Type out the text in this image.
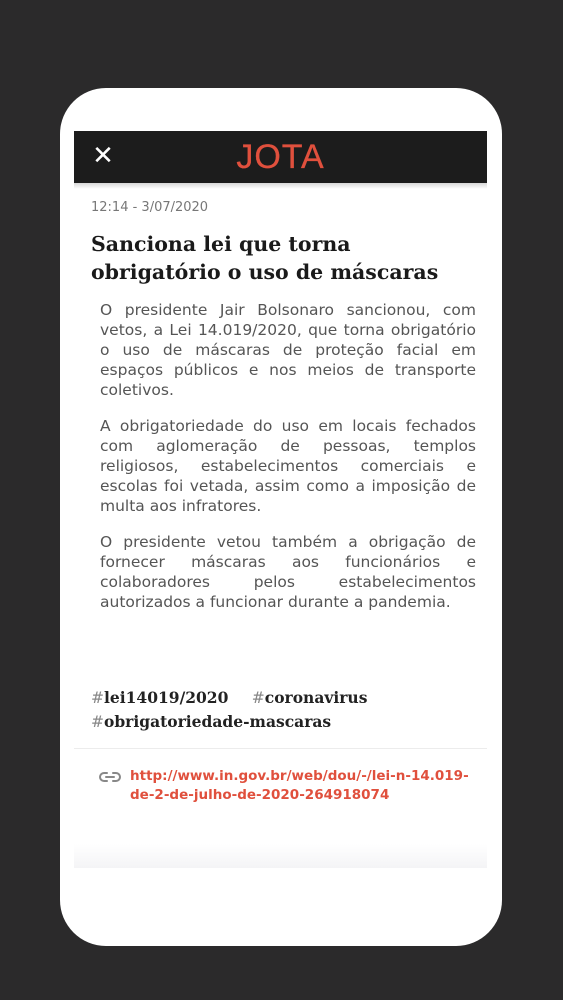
✕	JOTA
12:14 - 3/07/2020
Sanciona lei que torna obrigatório o uso de máscaras

O presidente Jair Bolsonaro sancionou, com vetos, a Lei 14.019/2020, que torna obrigatório o uso de máscaras de proteção facial em espaços públicos e nos meios de transporte coletivos.

A obrigatoriedade do uso em locais fechados com aglomeração de pessoas, templos religiosos, estabelecimentos comerciais e escolas foi vetada, assim como a imposição de multa aos infratores.

O presidente vetou também a obrigação de fornecer máscaras aos funcionários e colaboradores pelos estabelecimentos autorizados a funcionar durante a pandemia.

#lei14019/2020 #coronavirus
#obrigatoriedade-mascaras
http://www.in.gov.br/web/dou/-/lei-n-14.019-de-2-de-julho-de-2020-264918074
